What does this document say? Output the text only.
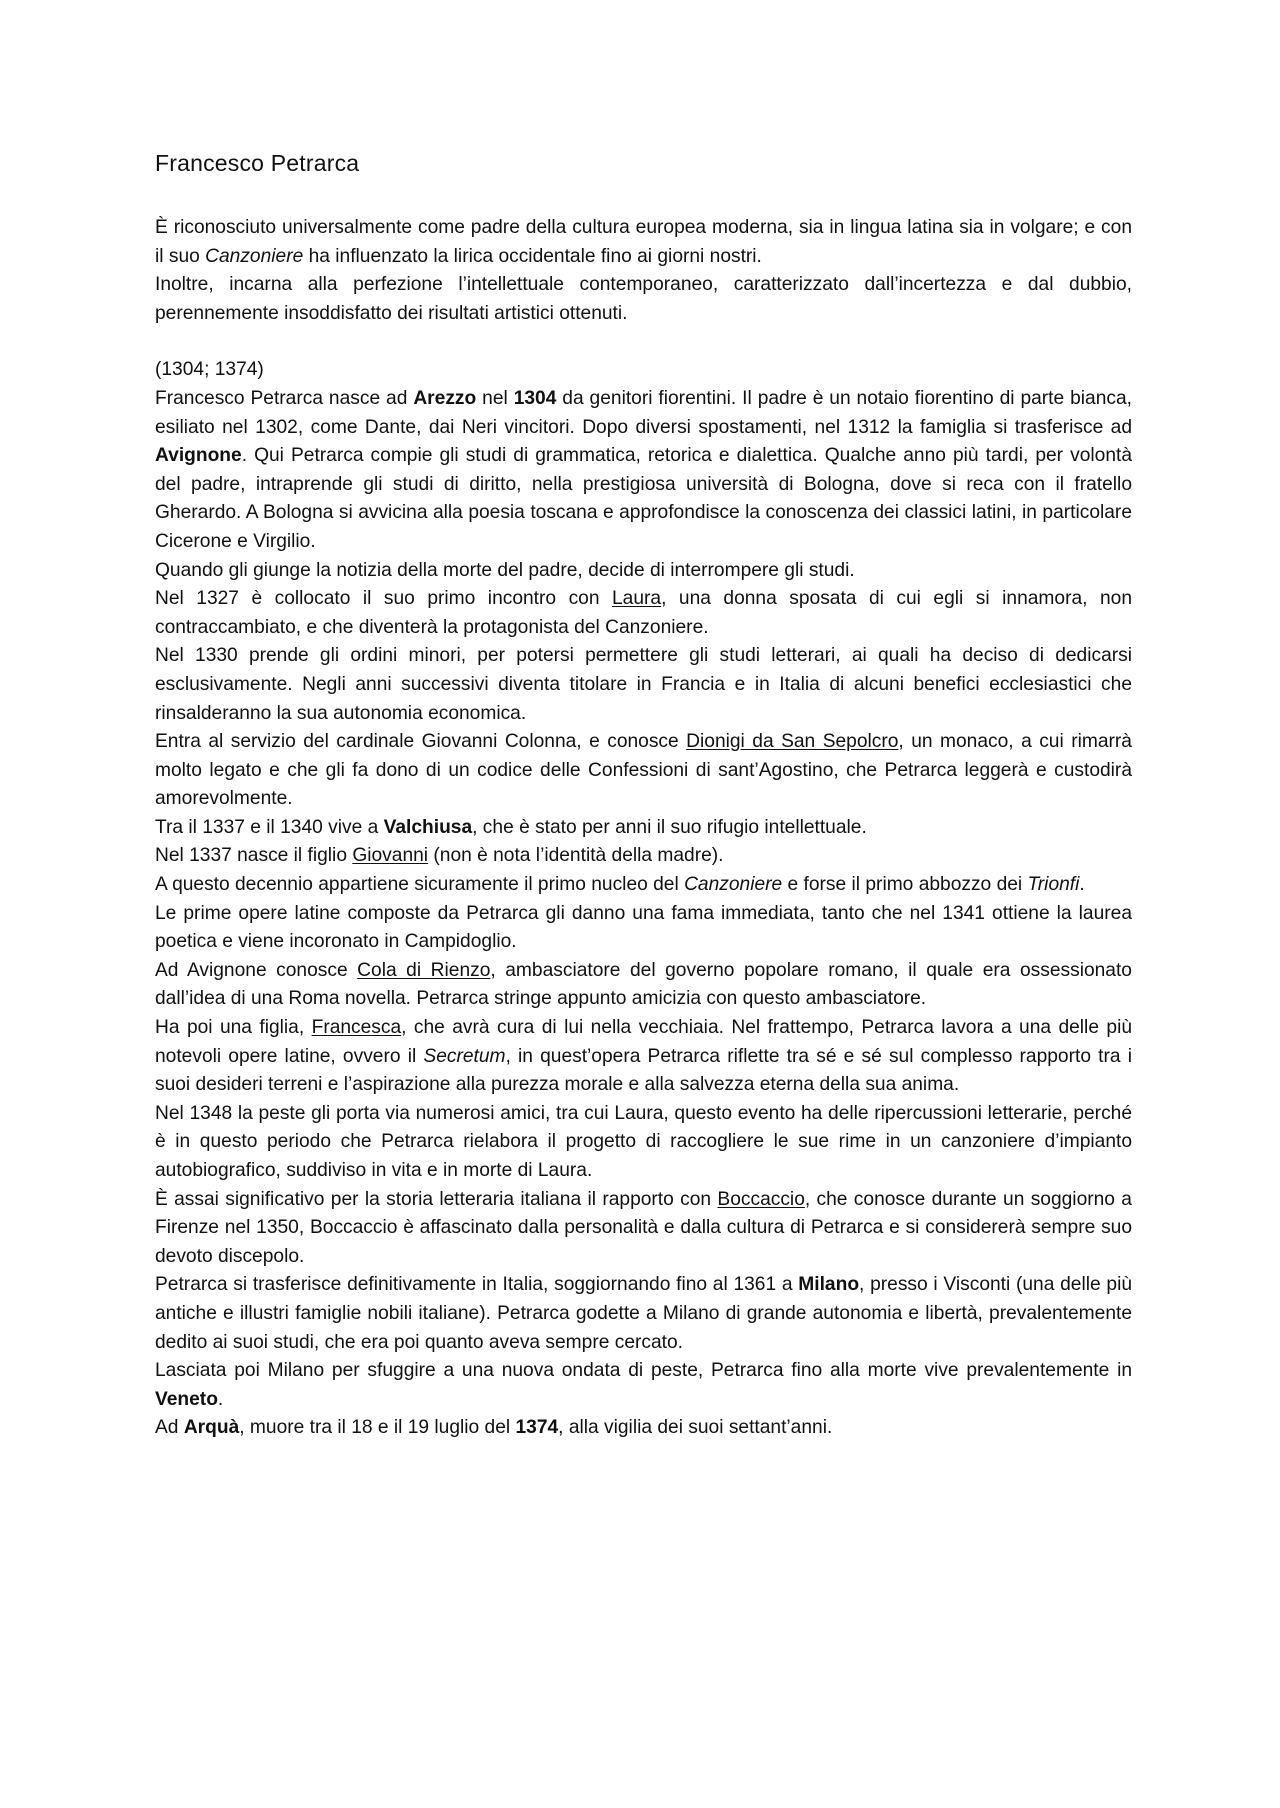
Francesco Petrarca

È riconosciuto universalmente come padre della cultura europea moderna, sia in lingua latina sia in volgare; e con il suo Canzoniere ha influenzato la lirica occidentale fino ai giorni nostri.

Inoltre, incarna alla perfezione l’intellettuale contemporaneo, caratterizzato dall’incertezza e dal dubbio, perennemente insoddisfatto dei risultati artistici ottenuti.

(1304; 1374)

Francesco Petrarca nasce ad Arezzo nel 1304 da genitori fiorentini. Il padre è un notaio fiorentino di parte bianca, esiliato nel 1302, come Dante, dai Neri vincitori. Dopo diversi spostamenti, nel 1312 la famiglia si trasferisce ad Avignone. Qui Petrarca compie gli studi di grammatica, retorica e dialettica. Qualche anno più tardi, per volontà del padre, intraprende gli studi di diritto, nella prestigiosa università di Bologna, dove si reca con il fratello Gherardo. A Bologna si avvicina alla poesia toscana e approfondisce la conoscenza dei classici latini, in particolare Cicerone e Virgilio.

Quando gli giunge la notizia della morte del padre, decide di interrompere gli studi.

Nel 1327 è collocato il suo primo incontro con Laura, una donna sposata di cui egli si innamora, non contraccambiato, e che diventerà la protagonista del Canzoniere.

Nel 1330 prende gli ordini minori, per potersi permettere gli studi letterari, ai quali ha deciso di dedicarsi esclusivamente. Negli anni successivi diventa titolare in Francia e in Italia di alcuni benefici ecclesiastici che rinsalderanno la sua autonomia economica.

Entra al servizio del cardinale Giovanni Colonna, e conosce Dionigi da San Sepolcro, un monaco, a cui rimarrà molto legato e che gli fa dono di un codice delle Confessioni di sant’Agostino, che Petrarca leggerà e custodirà amorevolmente.

Tra il 1337 e il 1340 vive a Valchiusa, che è stato per anni il suo rifugio intellettuale.

Nel 1337 nasce il figlio Giovanni (non è nota l’identità della madre).

A questo decennio appartiene sicuramente il primo nucleo del Canzoniere e forse il primo abbozzo dei Trionfi.

Le prime opere latine composte da Petrarca gli danno una fama immediata, tanto che nel 1341 ottiene la laurea poetica e viene incoronato in Campidoglio.

Ad Avignone conosce Cola di Rienzo, ambasciatore del governo popolare romano, il quale era ossessionato dall’idea di una Roma novella. Petrarca stringe appunto amicizia con questo ambasciatore.

Ha poi una figlia, Francesca, che avrà cura di lui nella vecchiaia. Nel frattempo, Petrarca lavora a una delle più notevoli opere latine, ovvero il Secretum, in quest’opera Petrarca riflette tra sé e sé sul complesso rapporto tra i suoi desideri terreni e l’aspirazione alla purezza morale e alla salvezza eterna della sua anima.

Nel 1348 la peste gli porta via numerosi amici, tra cui Laura, questo evento ha delle ripercussioni letterarie, perché è in questo periodo che Petrarca rielabora il progetto di raccogliere le sue rime in un canzoniere d’impianto autobiografico, suddiviso in vita e in morte di Laura.

È assai significativo per la storia letteraria italiana il rapporto con Boccaccio, che conosce durante un soggiorno a Firenze nel 1350, Boccaccio è affascinato dalla personalità e dalla cultura di Petrarca e si considererà sempre suo devoto discepolo.

Petrarca si trasferisce definitivamente in Italia, soggiornando fino al 1361 a Milano, presso i Visconti (una delle più antiche e illustri famiglie nobili italiane). Petrarca godette a Milano di grande autonomia e libertà, prevalentemente dedito ai suoi studi, che era poi quanto aveva sempre cercato.

Lasciata poi Milano per sfuggire a una nuova ondata di peste, Petrarca fino alla morte vive prevalentemente in Veneto.

Ad Arquà, muore tra il 18 e il 19 luglio del 1374, alla vigilia dei suoi settant’anni.
